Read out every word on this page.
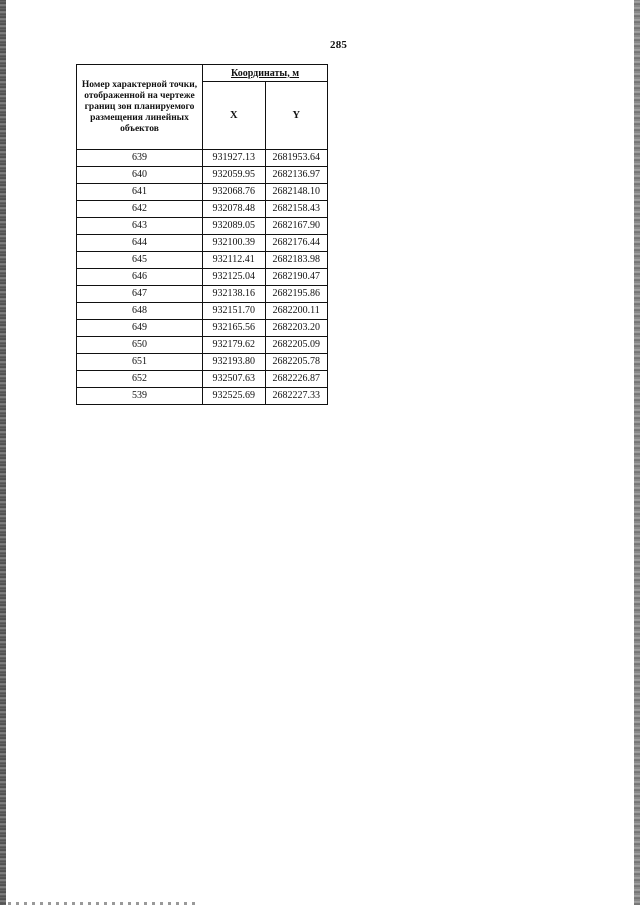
285
Номер характерной точки, отображенной на чертеже границ зон планируемого размещения линейных объектов	Координаты, м	
	X	Y
639	931927.13	2681953.64
640	932059.95	2682136.97
641	932068.76	2682148.10
642	932078.48	2682158.43
643	932089.05	2682167.90
644	932100.39	2682176.44
645	932112.41	2682183.98
646	932125.04	2682190.47
647	932138.16	2682195.86
648	932151.70	2682200.11
649	932165.56	2682203.20
650	932179.62	2682205.09
651	932193.80	2682205.78
652	932507.63	2682226.87
539	932525.69	2682227.33
